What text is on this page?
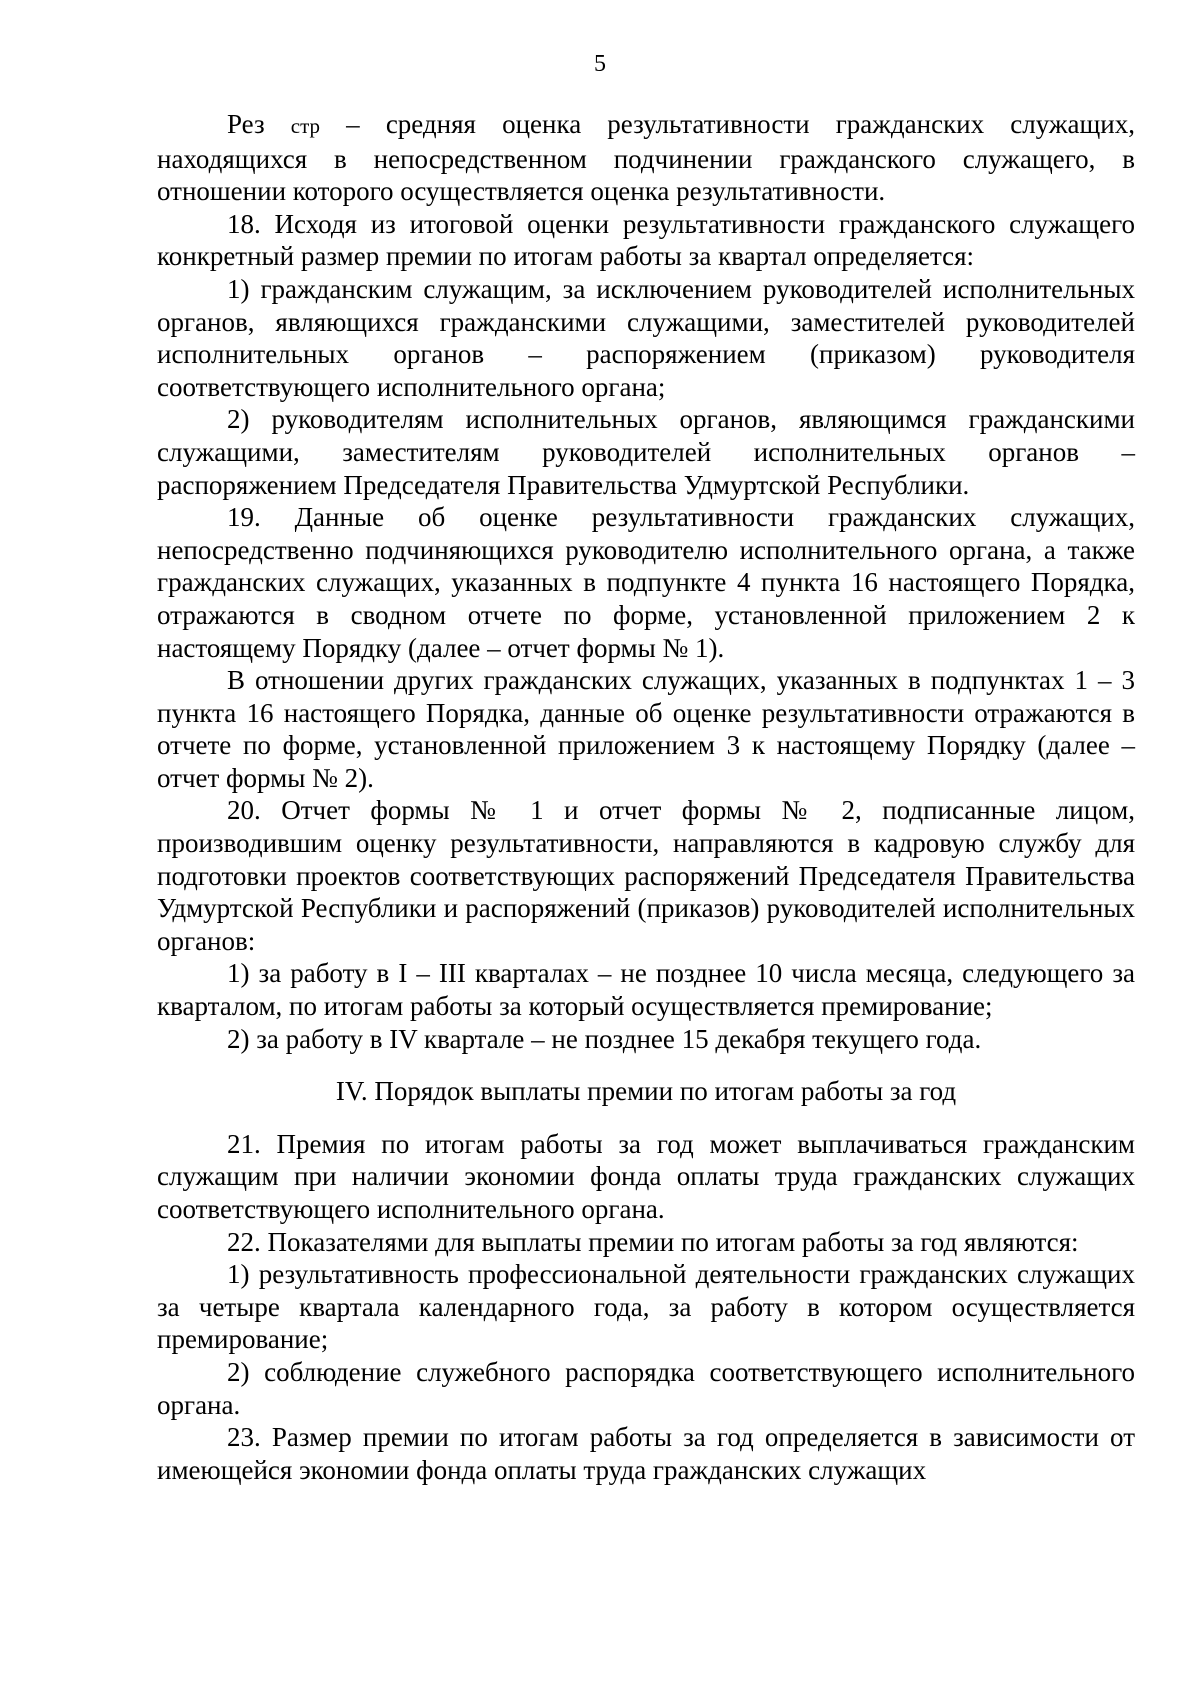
5

Рез стр – средняя оценка результативности гражданских служащих, находящихся в непосредственном подчинении гражданского служащего, в отношении которого осуществляется оценка результативности.

18. Исходя из итоговой оценки результативности гражданского служащего конкретный размер премии по итогам работы за квартал определяется:

1) гражданским служащим, за исключением руководителей исполнительных органов, являющихся гражданскими служащими, заместителей руководителей исполнительных органов – распоряжением (приказом) руководителя соответствующего исполнительного органа;

2) руководителям исполнительных органов, являющимся гражданскими служащими, заместителям руководителей исполнительных органов – распоряжением Председателя Правительства Удмуртской Республики.

19. Данные об оценке результативности гражданских служащих, непосредственно подчиняющихся руководителю исполнительного органа, а также гражданских служащих, указанных в подпункте 4 пункта 16 настоящего Порядка, отражаются в сводном отчете по форме, установленной приложением 2 к настоящему Порядку (далее – отчет формы № 1).

В отношении других гражданских служащих, указанных в подпунктах 1 – 3 пункта 16 настоящего Порядка, данные об оценке результативности отражаются в отчете по форме, установленной приложением 3 к настоящему Порядку (далее – отчет формы № 2).

20. Отчет формы № 1 и отчет формы № 2, подписанные лицом, производившим оценку результативности, направляются в кадровую службу для подготовки проектов соответствующих распоряжений Председателя Правительства Удмуртской Республики и распоряжений (приказов) руководителей исполнительных органов:

1) за работу в I – III кварталах – не позднее 10 числа месяца, следующего за кварталом, по итогам работы за который осуществляется премирование;

2) за работу в IV квартале – не позднее 15 декабря текущего года.

IV. Порядок выплаты премии по итогам работы за год

21. Премия по итогам работы за год может выплачиваться гражданским служащим при наличии экономии фонда оплаты труда гражданских служащих соответствующего исполнительного органа.

22. Показателями для выплаты премии по итогам работы за год являются:

1) результативность профессиональной деятельности гражданских служащих за четыре квартала календарного года, за работу в котором осуществляется премирование;

2) соблюдение служебного распорядка соответствующего исполнительного органа.

23. Размер премии по итогам работы за год определяется в зависимости от имеющейся экономии фонда оплаты труда гражданских служащих
